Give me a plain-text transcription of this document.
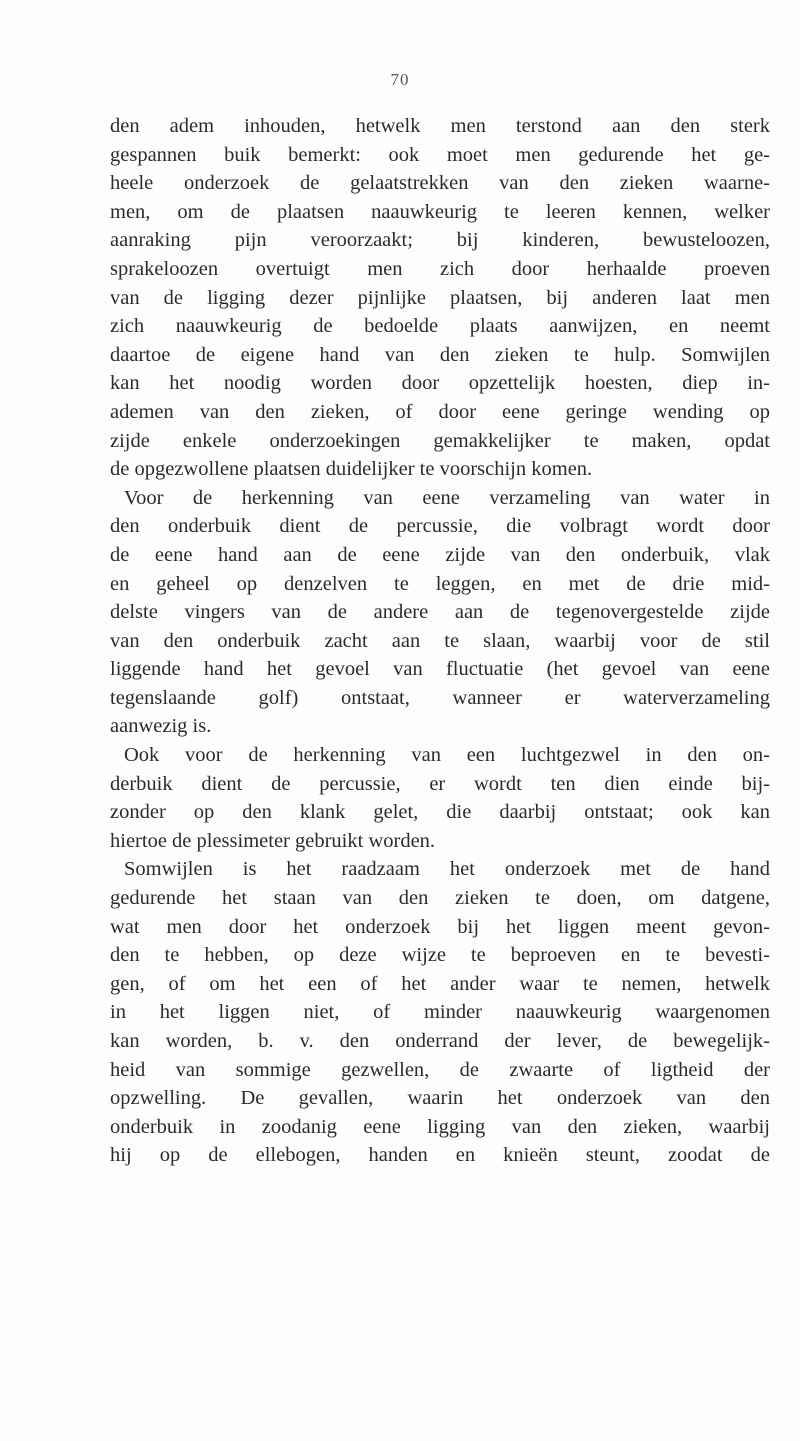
70
den adem inhouden, hetwelk men terstond aan den sterk
gespannen buik bemerkt: ook moet men gedurende het ge-
heele onderzoek de gelaatstrekken van den zieken waarne-
men, om de plaatsen naauwkeurig te leeren kennen, welker
aanraking pijn veroorzaakt; bij kinderen, bewusteloozen,
sprakeloozen overtuigt men zich door herhaalde proeven
van de ligging dezer pijnlijke plaatsen, bij anderen laat men
zich naauwkeurig de bedoelde plaats aanwijzen, en neemt
daartoe de eigene hand van den zieken te hulp. Somwijlen
kan het noodig worden door opzettelijk hoesten, diep in-
ademen van den zieken, of door eene geringe wending op
zijde enkele onderzoekingen gemakkelijker te maken, opdat
de opgezwollene plaatsen duidelijker te voorschijn komen.
Voor de herkenning van eene verzameling van water in
den onderbuik dient de percussie, die volbragt wordt door
de eene hand aan de eene zijde van den onderbuik, vlak
en geheel op denzelven te leggen, en met de drie mid-
delste vingers van de andere aan de tegenovergestelde zijde
van den onderbuik zacht aan te slaan, waarbij voor de stil
liggende hand het gevoel van fluctuatie (het gevoel van eene
tegenslaande golf) ontstaat, wanneer er waterverzameling
aanwezig is.
Ook voor de herkenning van een luchtgezwel in den on-
derbuik dient de percussie, er wordt ten dien einde bij-
zonder op den klank gelet, die daarbij ontstaat; ook kan
hiertoe de plessimeter gebruikt worden.
Somwijlen is het raadzaam het onderzoek met de hand
gedurende het staan van den zieken te doen, om datgene,
wat men door het onderzoek bij het liggen meent gevon-
den te hebben, op deze wijze te beproeven en te bevesti-
gen, of om het een of het ander waar te nemen, hetwelk
in het liggen niet, of minder naauwkeurig waargenomen
kan worden, b. v. den onderrand der lever, de bewegelijk-
heid van sommige gezwellen, de zwaarte of ligtheid der
opzwelling. De gevallen, waarin het onderzoek van den
onderbuik in zoodanig eene ligging van den zieken, waarbij
hij op de ellebogen, handen en knieën steunt, zoodat de
